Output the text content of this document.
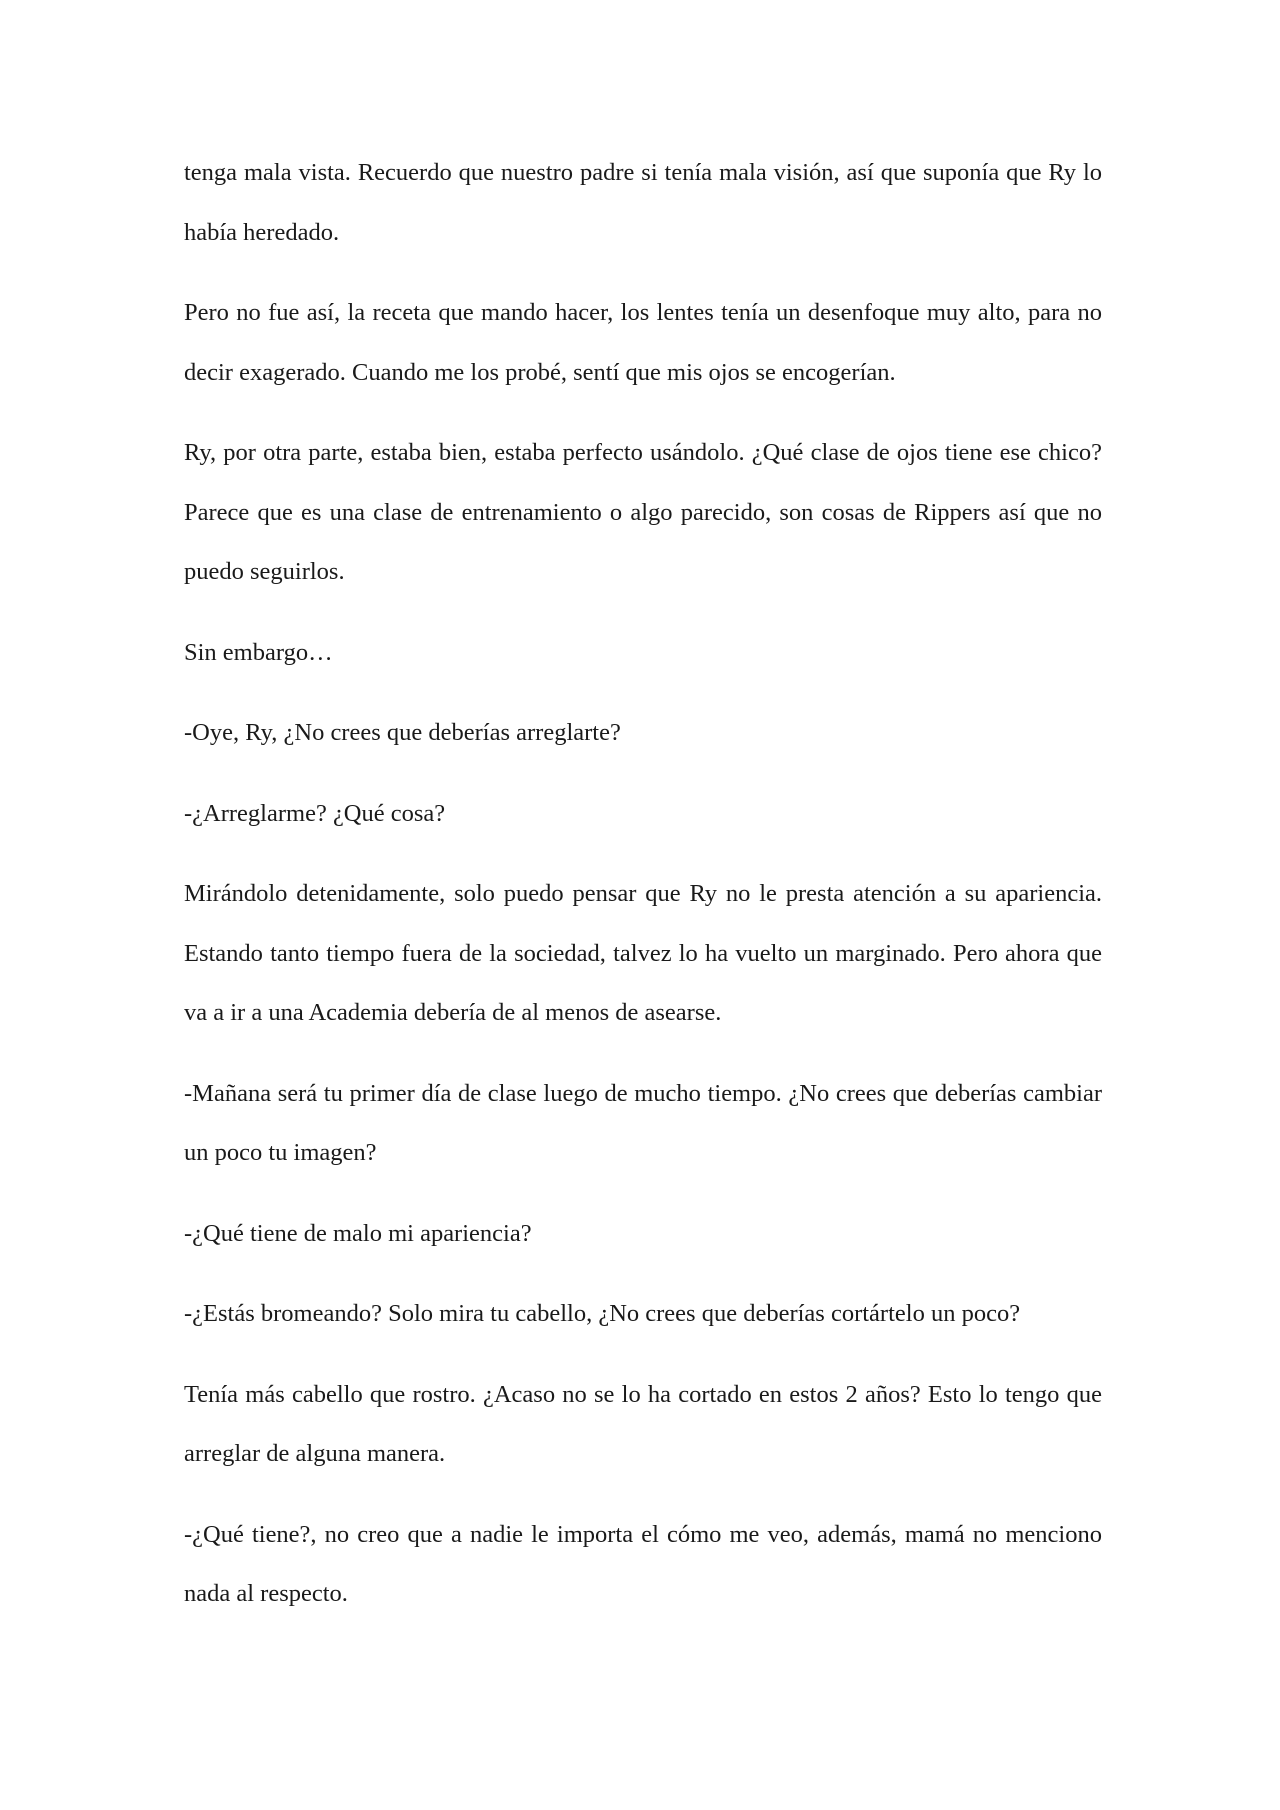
tenga mala vista. Recuerdo que nuestro padre si tenía mala visión, así que suponía que Ry lo había heredado.

Pero no fue así, la receta que mando hacer, los lentes tenía un desenfoque muy alto, para no decir exagerado. Cuando me los probé, sentí que mis ojos se encogerían.

Ry, por otra parte, estaba bien, estaba perfecto usándolo. ¿Qué clase de ojos tiene ese chico? Parece que es una clase de entrenamiento o algo parecido, son cosas de Rippers así que no puedo seguirlos.

Sin embargo…

-Oye, Ry, ¿No crees que deberías arreglarte?

-¿Arreglarme? ¿Qué cosa?

Mirándolo detenidamente, solo puedo pensar que Ry no le presta atención a su apariencia. Estando tanto tiempo fuera de la sociedad, talvez lo ha vuelto un marginado. Pero ahora que va a ir a una Academia debería de al menos de asearse.

-Mañana será tu primer día de clase luego de mucho tiempo. ¿No crees que deberías cambiar un poco tu imagen?

-¿Qué tiene de malo mi apariencia?

-¿Estás bromeando? Solo mira tu cabello, ¿No crees que deberías cortártelo un poco?

Tenía más cabello que rostro. ¿Acaso no se lo ha cortado en estos 2 años? Esto lo tengo que arreglar de alguna manera.

-¿Qué tiene?, no creo que a nadie le importa el cómo me veo, además, mamá no menciono nada al respecto.
